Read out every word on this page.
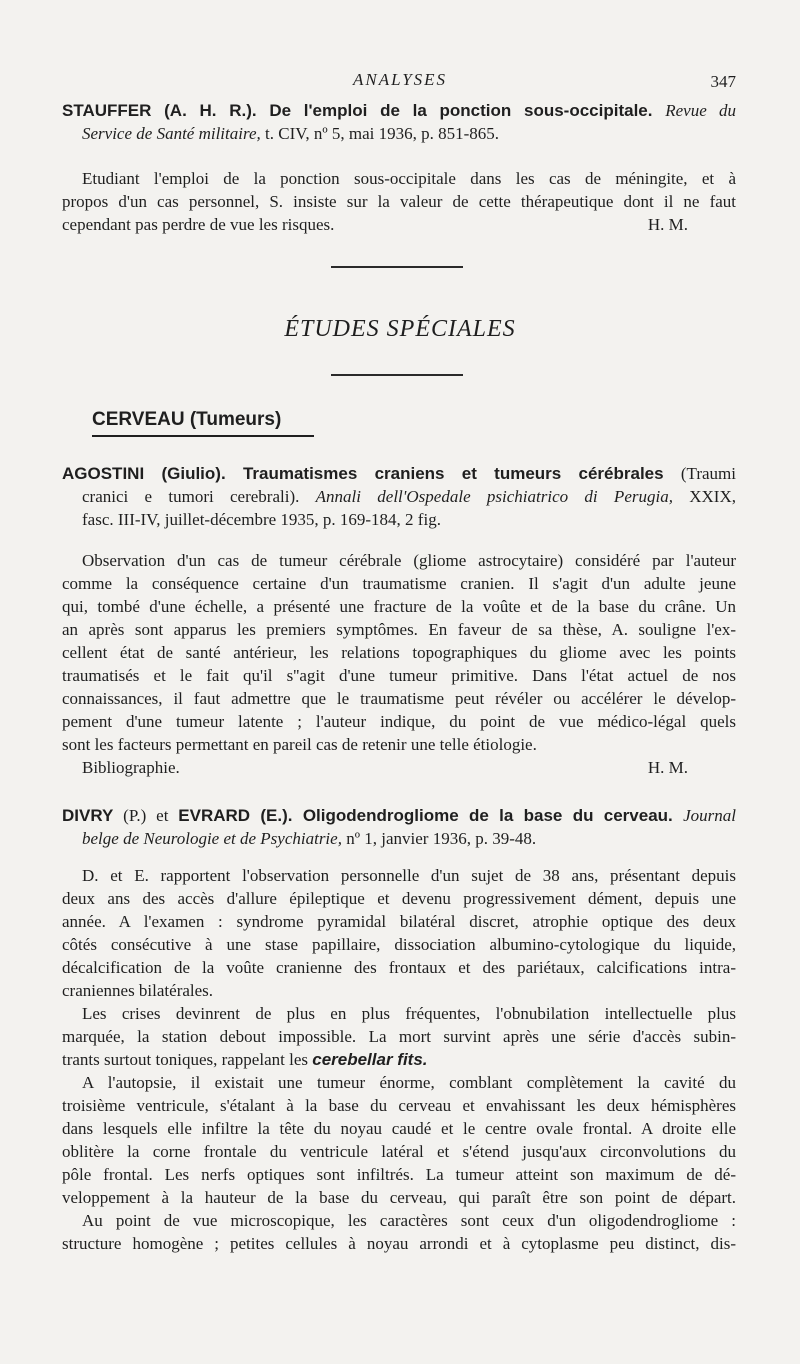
ANALYSES	347
STAUFFER (A. H. R.). De l'emploi de la ponction sous-occipitale. Revue du
Service de Santé militaire, t. CIV, nº 5, mai 1936, p. 851-865.
Etudiant l'emploi de la ponction sous-occipitale dans les cas de méningite, et à
propos d'un cas personnel, S. insiste sur la valeur de cette thérapeutique dont il ne faut
cependant pas perdre de vue les risques.	H. M.
ÉTUDES SPÉCIALES
CERVEAU (Tumeurs)
AGOSTINI (Giulio). Traumatismes craniens et tumeurs cérébrales (Traumi
cranici e tumori cerebrali). Annali dell'Ospedale psichiatrico di Perugia, XXIX,
fasc. III-IV, juillet-décembre 1935, p. 169-184, 2 fig.
Observation d'un cas de tumeur cérébrale (gliome astrocytaire) considéré par l'auteur
comme la conséquence certaine d'un traumatisme cranien. Il s'agit d'un adulte jeune
qui, tombé d'une échelle, a présenté une fracture de la voûte et de la base du crâne. Un
an après sont apparus les premiers symptômes. En faveur de sa thèse, A. souligne l'ex-
cellent état de santé antérieur, les relations topographiques du gliome avec les points
traumatisés et le fait qu'il s''agit d'une tumeur primitive. Dans l'état actuel de nos
connaissances, il faut admettre que le traumatisme peut révéler ou accélérer le dévelop-
pement d'une tumeur latente ; l'auteur indique, du point de vue médico-légal quels
sont les facteurs permettant en pareil cas de retenir une telle étiologie.
Bibliographie.	H. M.
DIVRY (P.) et EVRARD (E.). Oligodendrogliome de la base du cerveau. Journal
belge de Neurologie et de Psychiatrie, nº 1, janvier 1936, p. 39-48.
D. et E. rapportent l'observation personnelle d'un sujet de 38 ans, présentant depuis
deux ans des accès d'allure épileptique et devenu progressivement dément, depuis une
année. A l'examen : syndrome pyramidal bilatéral discret, atrophie optique des deux
côtés consécutive à une stase papillaire, dissociation albumino-cytologique du liquide,
décalcification de la voûte cranienne des frontaux et des pariétaux, calcifications intra-
craniennes bilatérales.
Les crises devinrent de plus en plus fréquentes, l'obnubilation intellectuelle plus
marquée, la station debout impossible. La mort survint après une série d'accès subin-
trants surtout toniques, rappelant les cerebellar fits.
A l'autopsie, il existait une tumeur énorme, comblant complètement la cavité du
troisième ventricule, s'étalant à la base du cerveau et envahissant les deux hémisphères
dans lesquels elle infiltre la tête du noyau caudé et le centre ovale frontal. A droite elle
oblitère la corne frontale du ventricule latéral et s'étend jusqu'aux circonvolutions du
pôle frontal. Les nerfs optiques sont infiltrés. La tumeur atteint son maximum de dé-
veloppement à la hauteur de la base du cerveau, qui paraît être son point de départ.
Au point de vue microscopique, les caractères sont ceux d'un oligodendrogliome :
structure homogène ; petites cellules à noyau arrondi et à cytoplasme peu distinct, dis-
